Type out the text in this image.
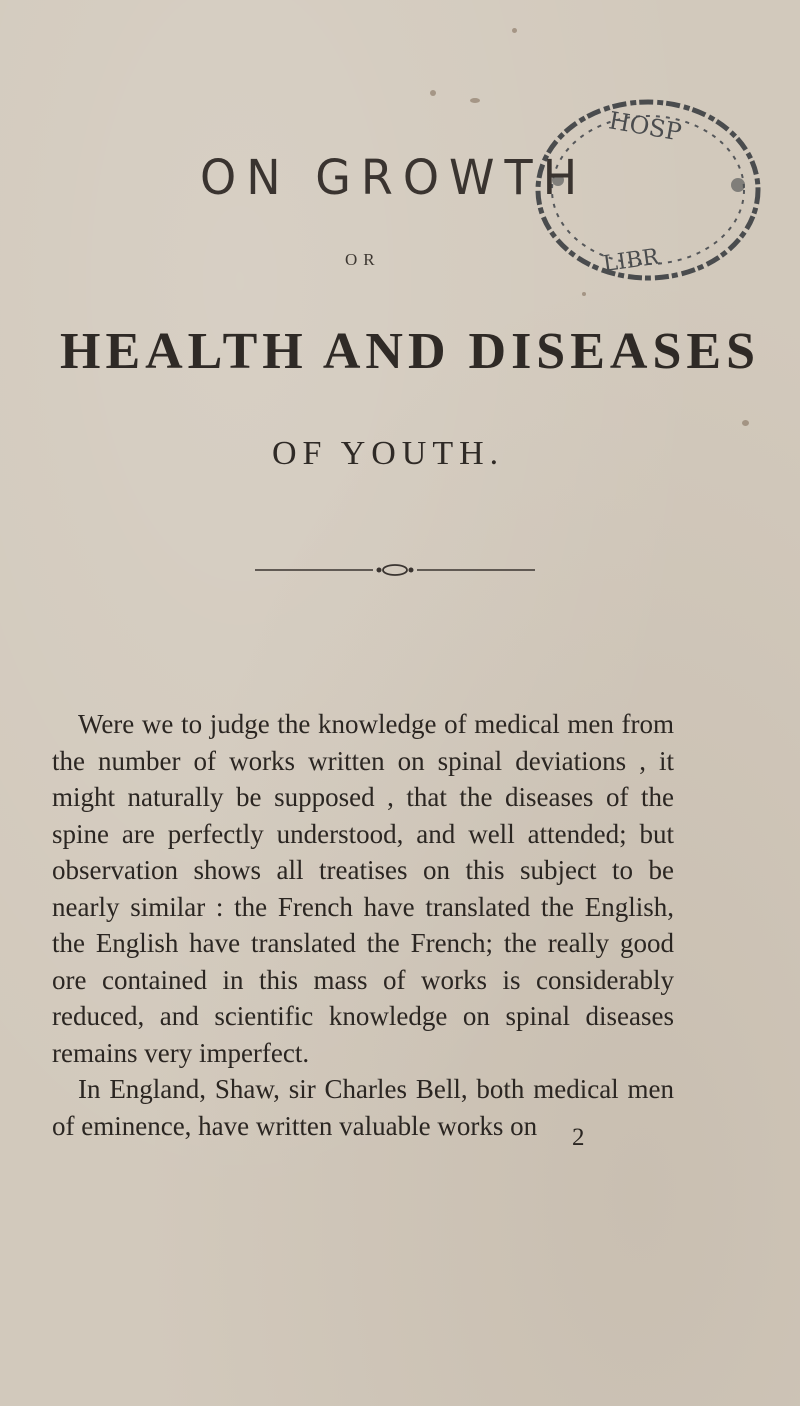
HOSP
LIBR
ON GROWTH
OR
HEALTH AND DISEASES
OF YOUTH.

Were we to judge the knowledge of medical men from the number of works written on spinal deviations , it might naturally be supposed , that the diseases of the spine are perfectly understood, and well attended; but observation shows all treatises on this subject to be nearly similar : the French have translated the English, the English have translated the French; the really good ore contained in this mass of works is considerably reduced, and scientific knowledge on spinal diseases remains very imperfect.

In England, Shaw, sir Charles Bell, both medical men of eminence, have written valuable works on	2
